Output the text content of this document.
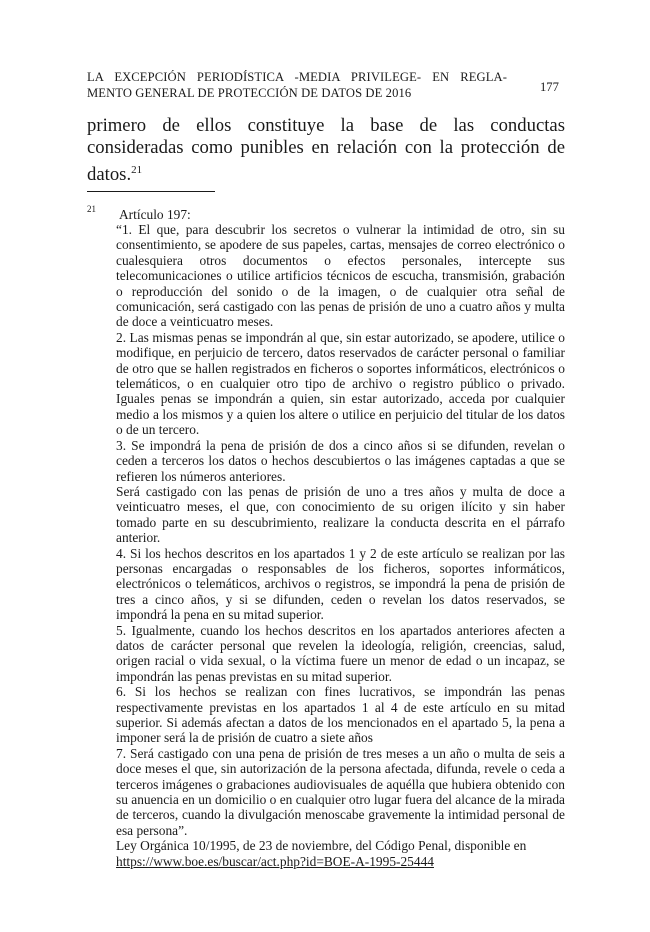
LA EXCEPCIÓN PERIODÍSTICA -MEDIA PRIVILEGE- EN REGLA-
MENTO GENERAL DE PROTECCIÓN DE DATOS DE 2016	177

primero de ellos constituye la base de las conductas consideradas como punibles en relación con la protección de datos.$^{21}$

21 Artículo 197:

“1. El que, para descubrir los secretos o vulnerar la intimidad de otro, sin su consentimiento, se apodere de sus papeles, cartas, mensajes de correo electrónico o cualesquiera otros documentos o efectos personales, intercepte sus telecomunicaciones o utilice artificios técnicos de escucha, transmisión, grabación o reproducción del sonido o de la imagen, o de cualquier otra señal de comunicación, será castigado con las penas de prisión de uno a cuatro años y multa de doce a veinticuatro meses.

2. Las mismas penas se impondrán al que, sin estar autorizado, se apodere, utilice o modifique, en perjuicio de tercero, datos reservados de carácter personal o familiar de otro que se hallen registrados en ficheros o soportes informáticos, electrónicos o telemáticos, o en cualquier otro tipo de archivo o registro público o privado. Iguales penas se impondrán a quien, sin estar autorizado, acceda por cualquier medio a los mismos y a quien los altere o utilice en perjuicio del titular de los datos o de un tercero.

3. Se impondrá la pena de prisión de dos a cinco años si se difunden, revelan o ceden a terceros los datos o hechos descubiertos o las imágenes captadas a que se refieren los números anteriores.

Será castigado con las penas de prisión de uno a tres años y multa de doce a veinticuatro meses, el que, con conocimiento de su origen ilícito y sin haber tomado parte en su descubrimiento, realizare la conducta descrita en el párrafo anterior.

4. Si los hechos descritos en los apartados 1 y 2 de este artículo se realizan por las personas encargadas o responsables de los ficheros, soportes informáticos, electrónicos o telemáticos, archivos o registros, se impondrá la pena de prisión de tres a cinco años, y si se difunden, ceden o revelan los datos reservados, se impondrá la pena en su mitad superior.

5. Igualmente, cuando los hechos descritos en los apartados anteriores afecten a datos de carácter personal que revelen la ideología, religión, creencias, salud, origen racial o vida sexual, o la víctima fuere un menor de edad o un incapaz, se impondrán las penas previstas en su mitad superior.

6. Si los hechos se realizan con fines lucrativos, se impondrán las penas respectivamente previstas en los apartados 1 al 4 de este artículo en su mitad superior. Si además afectan a datos de los mencionados en el apartado 5, la pena a imponer será la de prisión de cuatro a siete años

7. Será castigado con una pena de prisión de tres meses a un año o multa de seis a doce meses el que, sin autorización de la persona afectada, difunda, revele o ceda a terceros imágenes o grabaciones audiovisuales de aquélla que hubiera obtenido con su anuencia en un domicilio o en cualquier otro lugar fuera del alcance de la mirada de terceros, cuando la divulgación menoscabe gravemente la intimidad personal de esa persona”.

Ley Orgánica 10/1995, de 23 de noviembre, del Código Penal, disponible en

https://www.boe.es/buscar/act.php?id=BOE-A-1995-25444
